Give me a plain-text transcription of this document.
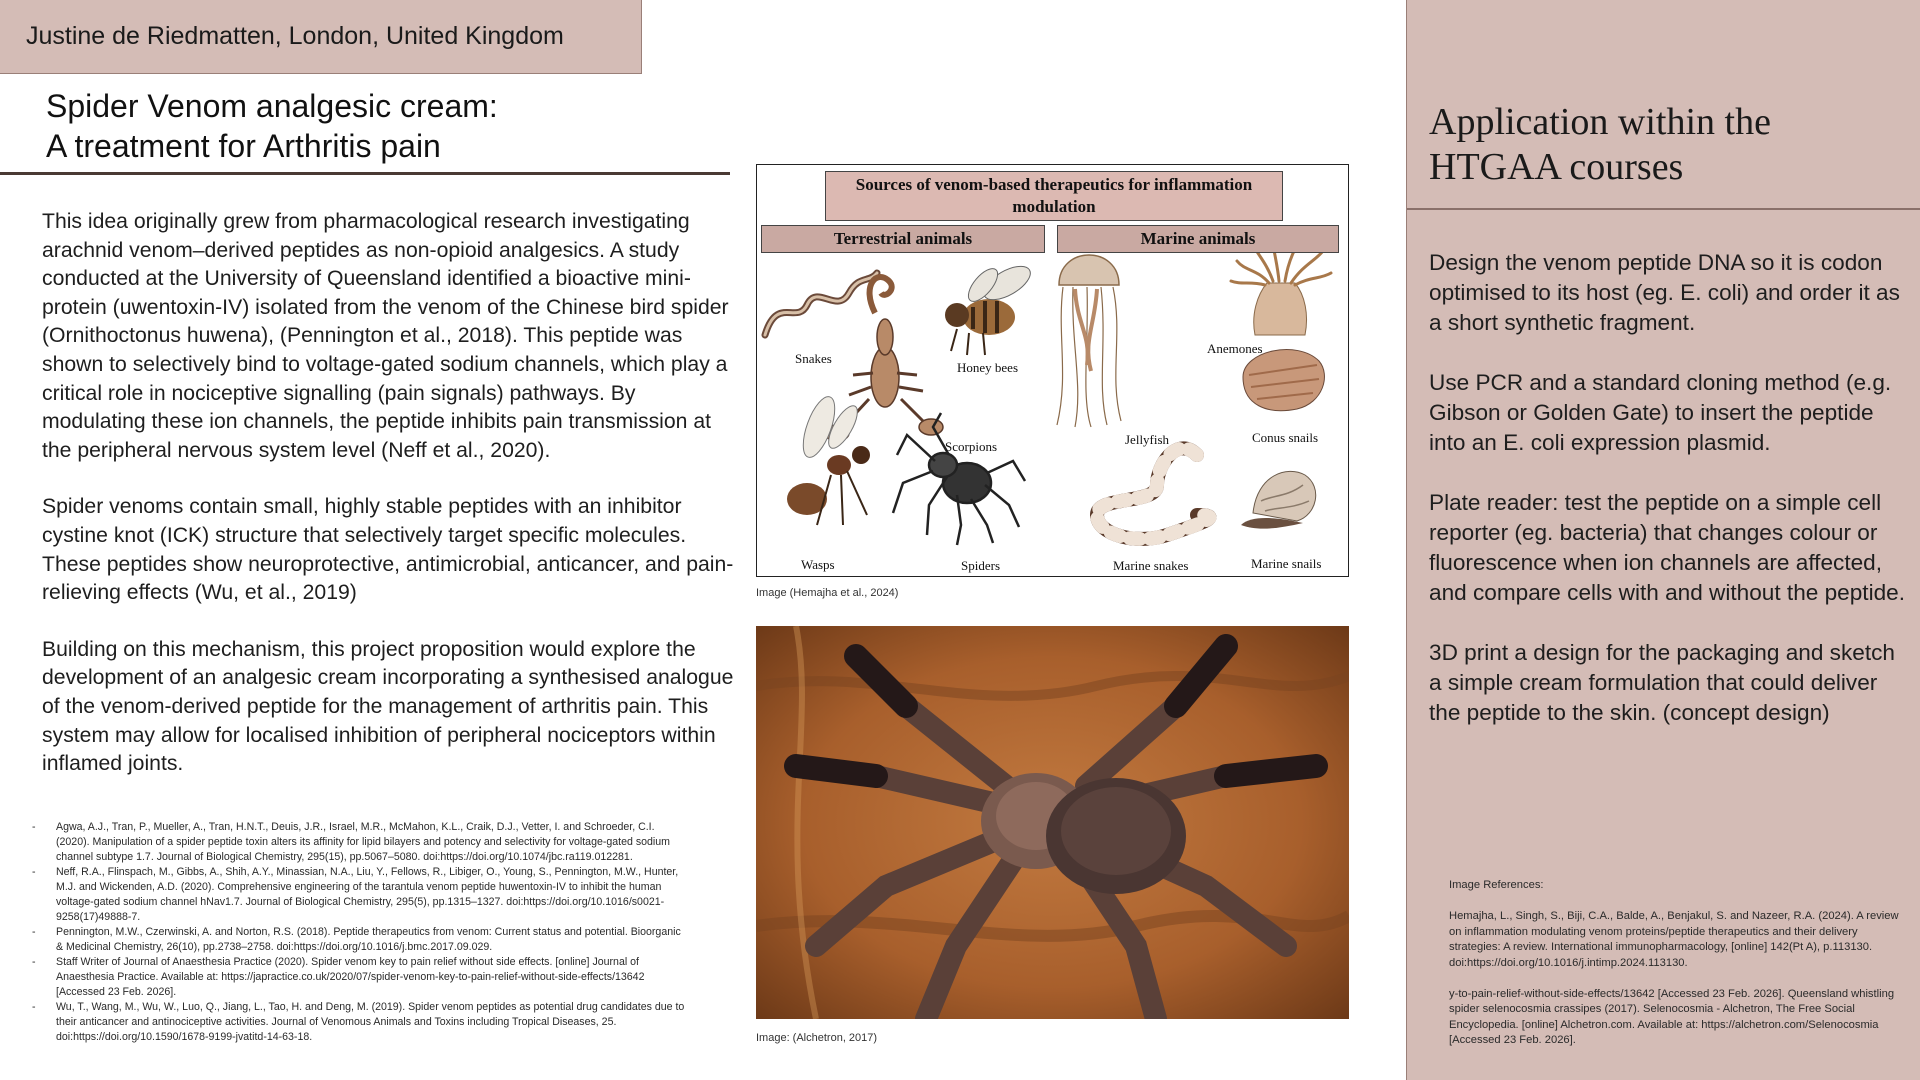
Justine de Riedmatten, London, United Kingdom
Spider Venom analgesic cream:
A treatment for Arthritis pain

This idea originally grew from pharmacological research investigating arachnid venom–derived peptides as non-opioid analgesics. A study conducted at the University of Queensland identified a bioactive mini-protein (uwentoxin-IV) isolated from the venom of the Chinese bird spider (Ornithoctonus huwena), (Pennington et al., 2018). This peptide was shown to selectively bind to voltage-gated sodium channels, which play a critical role in nociceptive signalling (pain signals) pathways. By modulating these ion channels, the peptide inhibits pain transmission at the peripheral nervous system level (Neff et al., 2020).

Spider venoms contain small, highly stable peptides with an inhibitor cystine knot (ICK) structure that selectively target specific molecules. These peptides show neuroprotective, antimicrobial, anticancer, and pain-relieving effects (Wu, et al., 2019)

Building on this mechanism, this project proposition would explore the development of an analgesic cream incorporating a synthesised analogue of the venom-derived peptide for the management of arthritis pain. This system may allow for localised inhibition of peripheral nociceptors within inflamed joints.

- Agwa, A.J., Tran, P., Mueller, A., Tran, H.N.T., Deuis, J.R., Israel, M.R., McMahon, K.L., Craik, D.J., Vetter, I. and Schroeder, C.I. (2020). Manipulation of a spider peptide toxin alters its affinity for lipid bilayers and potency and selectivity for voltage-gated sodium channel subtype 1.7. Journal of Biological Chemistry, 295(15), pp.5067–5080. doi:https://doi.org/10.1074/jbc.ra119.012281.
- Neff, R.A., Flinspach, M., Gibbs, A., Shih, A.Y., Minassian, N.A., Liu, Y., Fellows, R., Libiger, O., Young, S., Pennington, M.W., Hunter, M.J. and Wickenden, A.D. (2020). Comprehensive engineering of the tarantula venom peptide huwentoxin-IV to inhibit the human voltage-gated sodium channel hNav1.7. Journal of Biological Chemistry, 295(5), pp.1315–1327. doi:https://doi.org/10.1016/s0021-9258(17)49888-7.
- Pennington, M.W., Czerwinski, A. and Norton, R.S. (2018). Peptide therapeutics from venom: Current status and potential. Bioorganic & Medicinal Chemistry, 26(10), pp.2738–2758. doi:https://doi.org/10.1016/j.bmc.2017.09.029.
- Staff Writer of Journal of Anaesthesia Practice (2020). Spider venom key to pain relief without side effects. [online] Journal of Anaesthesia Practice. Available at: https://japractice.co.uk/2020/07/spider-venom-key-to-pain-relief-without-side-effects/13642 [Accessed 23 Feb. 2026].
- Wu, T., Wang, M., Wu, W., Luo, Q., Jiang, L., Tao, H. and Deng, M. (2019). Spider venom peptides as potential drug candidates due to their anticancer and antinociceptive activities. Journal of Venomous Animals and Toxins including Tropical Diseases, 25. doi:https://doi.org/10.1590/1678-9199-jvatitd-14-63-18.
Sources of venom-based therapeutics for inflammation modulation
Terrestrial animals	Marine animals
Snakes
Honey bees
Scorpions
Wasps	Spiders
Jellyfish
Anemones
Conus snails
Marine snakes	Marine snails
Image (Hemajha et al., 2024)
Image: (Alchetron, 2017)
Application within the
HTGAA courses

Design the venom peptide DNA so it is codon optimised to its host (eg. E. coli) and order it as a short synthetic fragment.

Use PCR and a standard cloning method (e.g. Gibson or Golden Gate) to insert the peptide into an E. coli expression plasmid.

Plate reader: test the peptide on a simple cell reporter (eg. bacteria) that changes colour or fluorescence when ion channels are affected, and compare cells with and without the peptide.

3D print a design for the packaging and sketch a simple cream formulation that could deliver the peptide to the skin. (concept design)

Image References:

Hemajha, L., Singh, S., Biji, C.A., Balde, A., Benjakul, S. and Nazeer, R.A. (2024). A review on inflammation modulating venom proteins/peptide therapeutics and their delivery strategies: A review. International immunopharmacology, [online] 142(Pt A), p.113130. doi:https://doi.org/10.1016/j.intimp.2024.113130.

y-to-pain-relief-without-side-effects/13642 [Accessed 23 Feb. 2026]. Queensland whistling spider selenocosmia crassipes (2017). Selenocosmia - Alchetron, The Free Social Encyclopedia. [online] Alchetron.com. Available at: https://alchetron.com/Selenocosmia [Accessed 23 Feb. 2026].
